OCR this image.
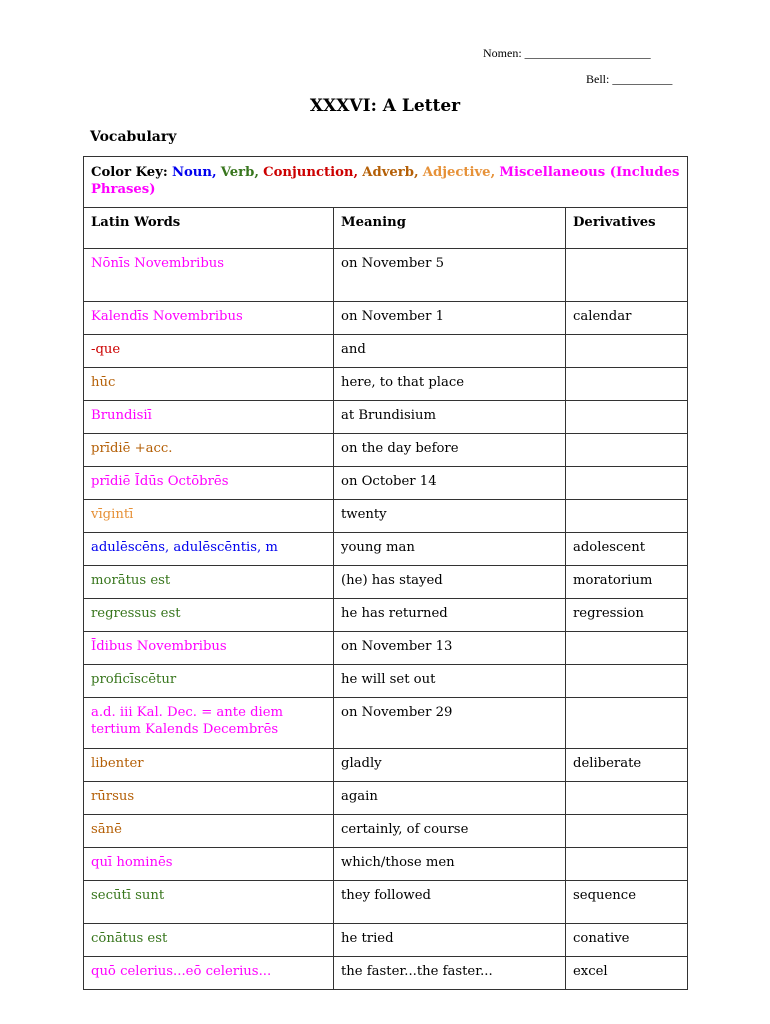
Nomen: _____________________
Bell: __________
XXXVI: A Letter
Vocabulary
Color Key: Noun, Verb, Conjunction, Adverb, Adjective, Miscellaneous (Includes Phrases)		
Latin Words	Meaning	Derivatives
Nōnīs Novembribus	on November 5	
Kalendīs Novembribus	on November 1	calendar
-que	and	
hūc	here, to that place	
Brundisiī	at Brundisium	
prīdiē +acc.	on the day before	
prīdiē Īdūs Octōbrēs	on October 14	
vīgintī	twenty	
adulēscēns, adulēscēntis, m	young man	adolescent
morātus est	(he) has stayed	moratorium
regressus est	he has returned	regression
Īdibus Novembribus	on November 13	
proficīscētur	he will set out	
a.d. iii Kal. Dec. = ante diem tertium Kalends Decembrēs	on November 29	
libenter	gladly	deliberate
rūrsus	again	
sānē	certainly, of course	
quī hominēs	which/those men	
secūtī sunt	they followed	sequence
cōnātus est	he tried	conative
quō celerius...eō celerius...	the faster...the faster...	excel
